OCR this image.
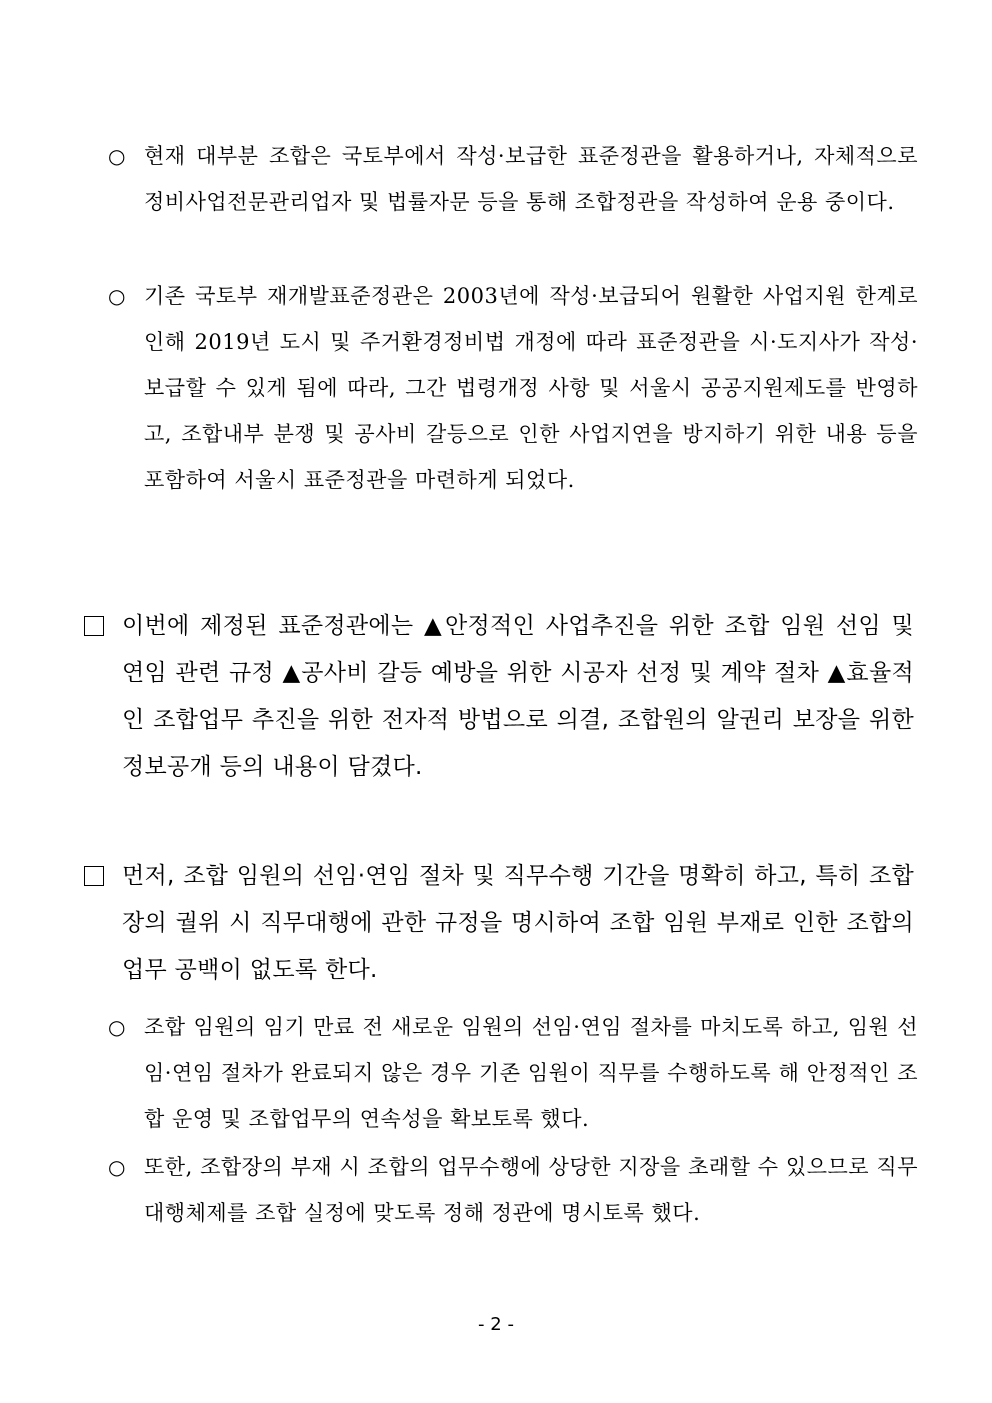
○ 현재 대부분 조합은 국토부에서 작성·보급한 표준정관을 활용하거나, 자체적으로 정비사업전문관리업자 및 법률자문 등을 통해 조합정관을 작성하여 운용 중이다.
○ 기존 국토부 재개발표준정관은 2003년에 작성·보급되어 원활한 사업지원 한계로 인해 2019년 도시 및 주거환경정비법 개정에 따라 표준정관을 시·도지사가 작성·보급할 수 있게 됨에 따라, 그간 법령개정 사항 및 서울시 공공지원제도를 반영하고, 조합내부 분쟁 및 공사비 갈등으로 인한 사업지연을 방지하기 위한 내용 등을 포함하여 서울시 표준정관을 마련하게 되었다.
이번에 제정된 표준정관에는 ▲안정적인 사업추진을 위한 조합 임원 선임 및 연임 관련 규정 ▲공사비 갈등 예방을 위한 시공자 선정 및 계약 절차 ▲효율적인 조합업무 추진을 위한 전자적 방법으로 의결, 조합원의 알권리 보장을 위한 정보공개 등의 내용이 담겼다.
먼저, 조합 임원의 선임·연임 절차 및 직무수행 기간을 명확히 하고, 특히 조합장의 궐위 시 직무대행에 관한 규정을 명시하여 조합 임원 부재로 인한 조합의 업무 공백이 없도록 한다.
○ 조합 임원의 임기 만료 전 새로운 임원의 선임·연임 절차를 마치도록 하고, 임원 선임·연임 절차가 완료되지 않은 경우 기존 임원이 직무를 수행하도록 해 안정적인 조합 운영 및 조합업무의 연속성을 확보토록 했다.
○ 또한, 조합장의 부재 시 조합의 업무수행에 상당한 지장을 초래할 수 있으므로 직무대행체제를 조합 실정에 맞도록 정해 정관에 명시토록 했다.
- 2 -
